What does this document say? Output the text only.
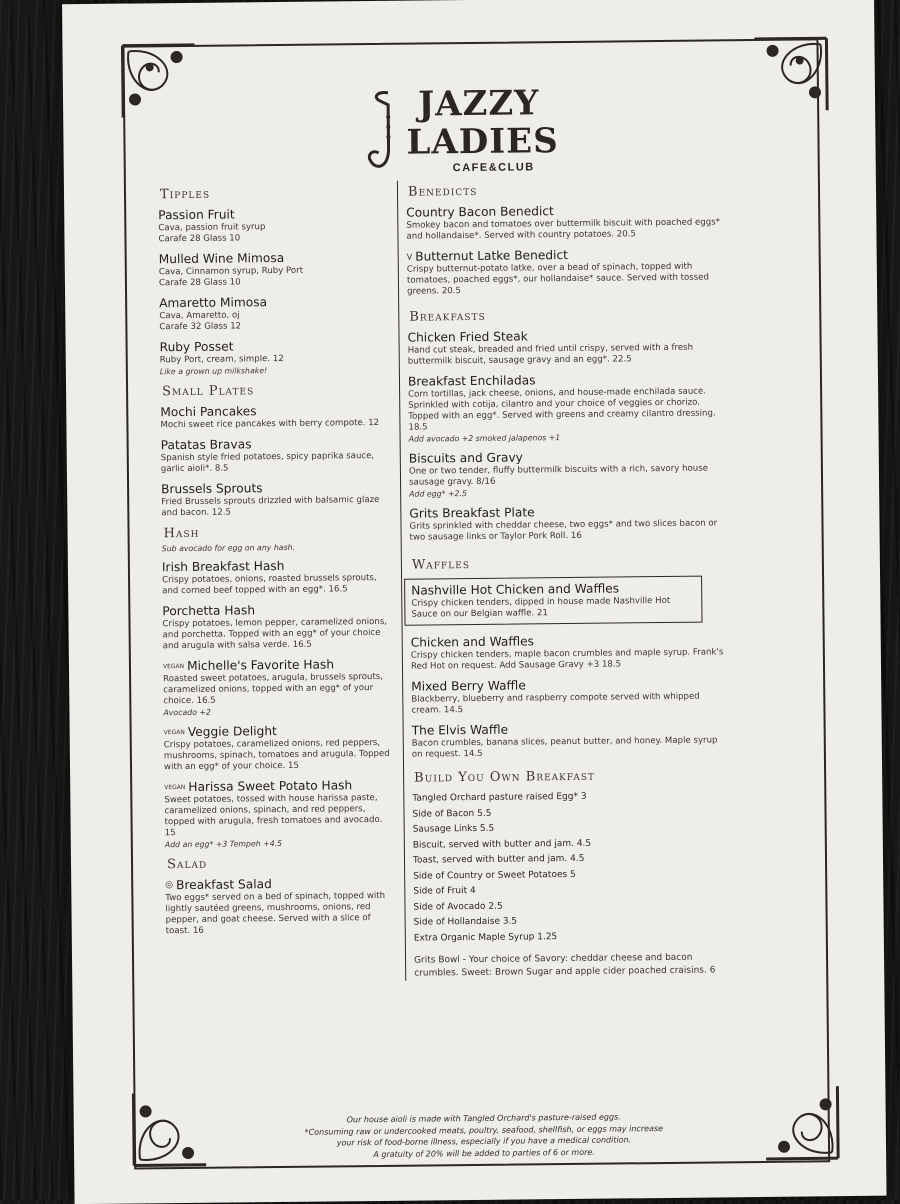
JAZZY
LADIES
CAFE&CLUB
Tipples
Passion Fruit
Cava, passion fruit syrup
Carafe 28 Glass 10
Mulled Wine Mimosa
Cava, Cinnamon syrup, Ruby Port
Carafe 28 Glass 10
Amaretto Mimosa
Cava, Amaretto, oj
Carafe 32 Glass 12
Ruby Posset
Ruby Port, cream, simple. 12
Like a grown up milkshake!
Small Plates
Mochi Pancakes
Mochi sweet rice pancakes with berry compote. 12
Patatas Bravas
Spanish style fried potatoes, spicy paprika sauce, garlic aioli*. 8.5
Brussels Sprouts
Fried Brussels sprouts drizzled with balsamic glaze and bacon. 12.5
Hash
Sub avocado for egg on any hash.
Irish Breakfast Hash
Crispy potatoes, onions, roasted brussels sprouts, and corned beef topped with an egg*. 16.5
Porchetta Hash
Crispy potatoes, lemon pepper, caramelized onions, and porchetta. Topped with an egg* of your choice and arugula with salsa verde. 16.5
VEGAN Michelle's Favorite Hash
Roasted sweet potatoes, arugula, brussels sprouts, caramelized onions, topped with an egg* of your choice. 16.5
Avocado +2
VEGAN Veggie Delight
Crispy potatoes, caramelized onions, red peppers, mushrooms, spinach, tomatoes and arugula. Topped with an egg* of your choice. 15
VEGAN Harissa Sweet Potato Hash
Sweet potatoes, tossed with house harissa paste, caramelized onions, spinach, and red peppers, topped with arugula, fresh tomatoes and avocado. 15
Add an egg* +3 Tempeh +4.5
Salad
◎ Breakfast Salad
Two eggs* served on a bed of spinach, topped with lightly sautéed greens, mushrooms, onions, red pepper, and goat cheese. Served with a slice of toast. 16
Benedicts
Country Bacon Benedict
Smokey bacon and tomatoes over buttermilk biscuit with poached eggs* and hollandaise*. Served with country potatoes. 20.5
V Butternut Latke Benedict
Crispy butternut-potato latke, over a bead of spinach, topped with tomatoes, poached eggs*, our hollandaise* sauce. Served with tossed greens. 20.5
Breakfasts
Chicken Fried Steak
Hand cut steak, breaded and fried until crispy, served with a fresh buttermilk biscuit, sausage gravy and an egg*. 22.5
Breakfast Enchiladas
Corn tortillas, jack cheese, onions, and house-made enchilada sauce. Sprinkled with cotija, cilantro and your choice of veggies or chorizo. Topped with an egg*. Served with greens and creamy cilantro dressing. 18.5
Add avocado +2 smoked jalapenos +1
Biscuits and Gravy
One or two tender, fluffy buttermilk biscuits with a rich, savory house sausage gravy. 8/16
Add egg* +2.5
Grits Breakfast Plate
Grits sprinkled with cheddar cheese, two eggs* and two slices bacon or two sausage links or Taylor Pork Roll. 16
Waffles
Nashville Hot Chicken and Waffles
Crispy chicken tenders, dipped in house made Nashville Hot Sauce on our Belgian waffle. 21
Chicken and Waffles
Crispy chicken tenders, maple bacon crumbles and maple syrup. Frank's Red Hot on request. Add Sausage Gravy +3 18.5
Mixed Berry Waffle
Blackberry, blueberry and raspberry compote served with whipped cream. 14.5
The Elvis Waffle
Bacon crumbles, banana slices, peanut butter, and honey. Maple syrup on request. 14.5
Build You Own Breakfast
Tangled Orchard pasture raised Egg* 3
Side of Bacon 5.5
Sausage Links 5.5
Biscuit, served with butter and jam. 4.5
Toast, served with butter and jam. 4.5
Side of Country or Sweet Potatoes 5
Side of Fruit 4
Side of Avocado 2.5
Side of Hollandaise 3.5
Extra Organic Maple Syrup 1.25
Grits Bowl - Your choice of Savory: cheddar cheese and bacon crumbles. Sweet: Brown Sugar and apple cider poached craisins. 6
Our house aioli is made with Tangled Orchard's pasture-raised eggs.
*Consuming raw or undercooked meats, poultry, seafood, shellfish, or eggs may increase
your risk of food-borne illness, especially if you have a medical condition.
A gratuity of 20% will be added to parties of 6 or more.
